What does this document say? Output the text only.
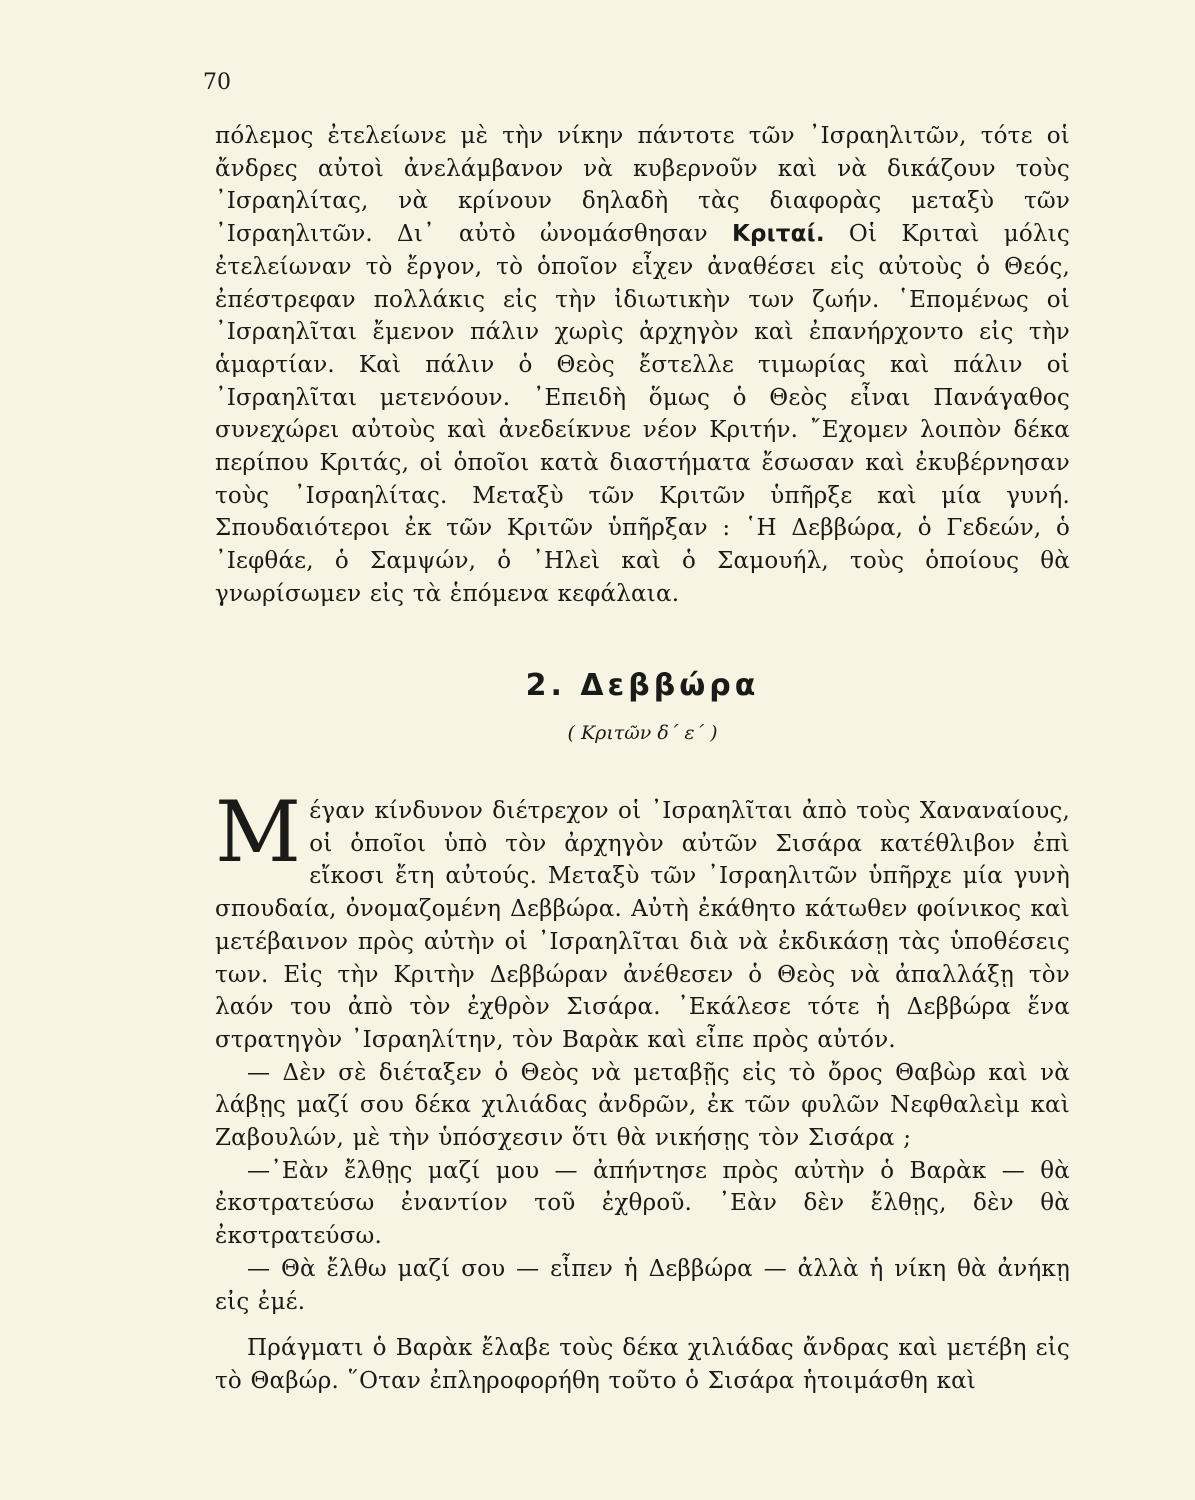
70

πόλεμος ἐτελείωνε μὲ τὴν νίκην πάντοτε τῶν ᾿Ισραηλιτῶν, τότε οἱ ἄνδρες αὐτοὶ ἀνελάμβανον νὰ κυβερνοῦν καὶ νὰ δικάζουν τοὺς ᾿Ισραηλίτας, νὰ κρίνουν δηλαδὴ τὰς διαφορὰς μεταξὺ τῶν ᾿Ισραηλιτῶν. Δι᾿ αὐτὸ ὠνομάσθησαν Κριταί. Οἱ Κριταὶ μόλις ἐτελείωναν τὸ ἔργον, τὸ ὁποῖον εἶχεν ἀναθέσει εἰς αὐτοὺς ὁ Θεός, ἐπέστρεφαν πολλάκις εἰς τὴν ἰδιωτικὴν των ζωήν. ῾Επομένως οἱ ᾿Ισραηλῖται ἔμενον πάλιν χωρὶς ἀρχηγὸν καὶ ἐπανήρχοντο εἰς τὴν ἁμαρτίαν. Καὶ πάλιν ὁ Θεὸς ἔστελλε τιμωρίας καὶ πάλιν οἱ ᾿Ισραηλῖται μετενόουν. ᾿Επειδὴ ὅμως ὁ Θεὸς εἶναι Πανάγαθος συνεχώρει αὐτοὺς καὶ ἀνεδείκνυε νέον Κριτήν. ῎Εχομεν λοιπὸν δέκα περίπου Κριτάς, οἱ ὁποῖοι κατὰ διαστήματα ἔσωσαν καὶ ἐκυβέρνησαν τοὺς ᾿Ισραηλίτας. Μεταξὺ τῶν Κριτῶν ὑπῆρξε καὶ μία γυνή. Σπουδαιότεροι ἐκ τῶν Κριτῶν ὑπῆρξαν : ῾Η Δεββώρα, ὁ Γεδεών, ὁ ᾿Ιεφθάε, ὁ Σαμψών, ὁ ᾿Ηλεὶ καὶ ὁ Σαμουήλ, τοὺς ὁποίους θὰ γνωρίσωμεν εἰς τὰ ἑπόμενα κεφάλαια.

2. Δεββώρα
( Κριτῶν δ΄ ε΄ )

Μέγαν κίνδυνον διέτρεχον οἱ ᾿Ισραηλῖται ἀπὸ τοὺς Χαναναίους, οἱ ὁποῖοι ὑπὸ τὸν ἀρχηγὸν αὐτῶν Σισάρα κατέθλιβον ἐπὶ εἴκοσι ἔτη αὐτούς. Μεταξὺ τῶν ᾿Ισραηλιτῶν ὑπῆρχε μία γυνὴ σπουδαία, ὀνομαζομένη Δεββώρα. Αὐτὴ ἐκάθητο κάτωθεν φοίνικος καὶ μετέβαινον πρὸς αὐτὴν οἱ ᾿Ισραηλῖται διὰ νὰ ἐκδικάσῃ τὰς ὑποθέσεις των. Εἰς τὴν Κριτὴν Δεββώραν ἀνέθεσεν ὁ Θεὸς νὰ ἀπαλλάξῃ τὸν λαόν του ἀπὸ τὸν ἐχθρὸν Σισάρα. ᾿Εκάλεσε τότε ἡ Δεββώρα ἕνα στρατηγὸν ᾿Ισραηλίτην, τὸν Βαρὰκ καὶ εἶπε πρὸς αὐτόν.

— Δὲν σὲ διέταξεν ὁ Θεὸς νὰ μεταβῇς εἰς τὸ ὄρος Θαβὼρ καὶ νὰ λάβῃς μαζί σου δέκα χιλιάδας ἀνδρῶν, ἐκ τῶν φυλῶν Νεφθαλεὶμ καὶ Ζαβουλών, μὲ τὴν ὑπόσχεσιν ὅτι θὰ νικήσῃς τὸν Σισάρα ;

—᾿Εὰν ἔλθῃς μαζί μου — ἀπήντησε πρὸς αὐτὴν ὁ Βαρὰκ — θὰ ἐκστρατεύσω ἐναντίον τοῦ ἐχθροῦ. ᾿Εὰν δὲν ἔλθῃς, δὲν θὰ ἐκστρατεύσω.

— Θὰ ἔλθω μαζί σου — εἶπεν ἡ Δεββώρα — ἀλλὰ ἡ νίκη θὰ ἀνήκῃ εἰς ἐμέ.

Πράγματι ὁ Βαρὰκ ἔλαβε τοὺς δέκα χιλιάδας ἄνδρας καὶ μετέβη εἰς τὸ Θαβώρ. ῞Οταν ἐπληροφορήθη τοῦτο ὁ Σισάρα ἡτοιμάσθη καὶ
